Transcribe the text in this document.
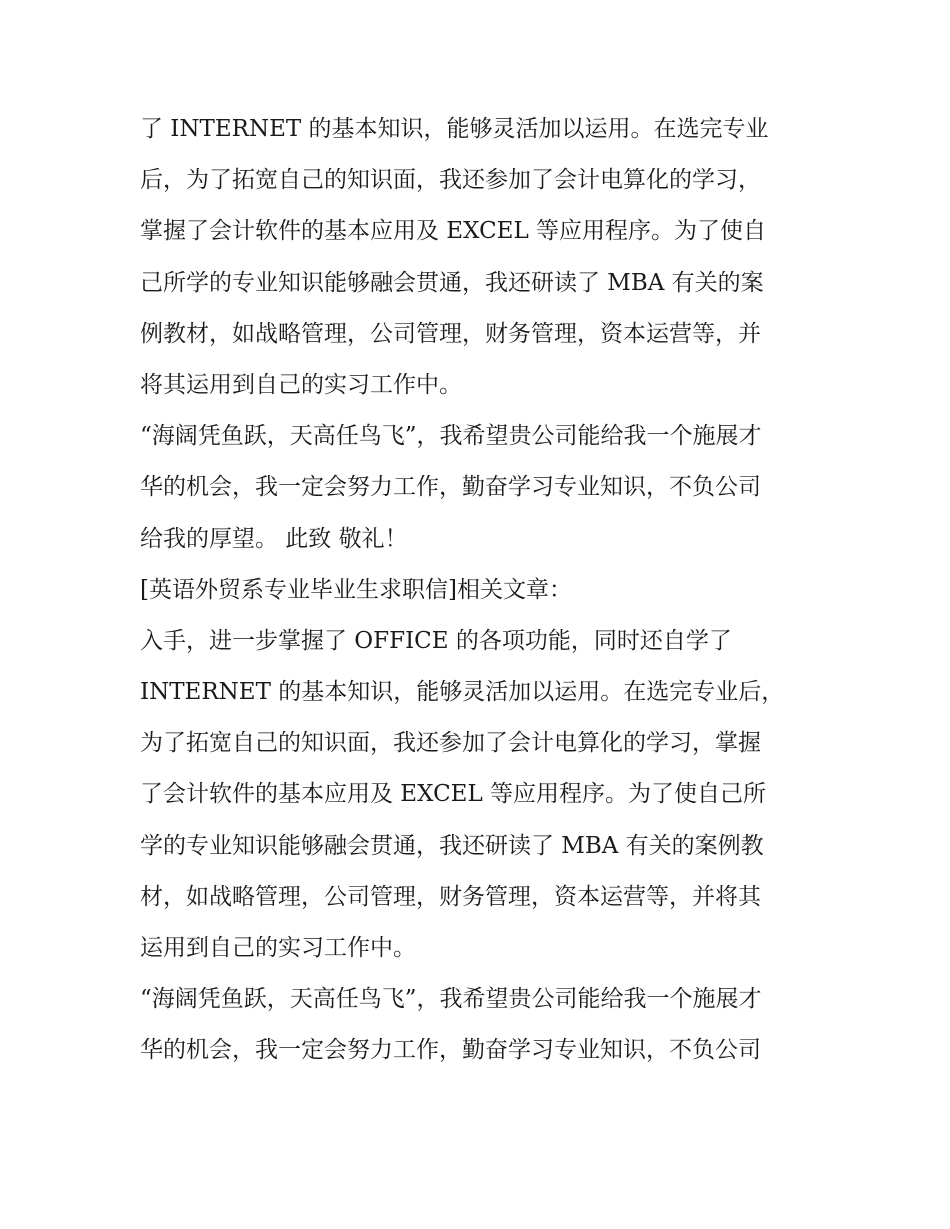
了 INTERNET 的基本知识，能够灵活加以运用。在选完专业
后，为了拓宽自己的知识面，我还参加了会计电算化的学习，
掌握了会计软件的基本应用及 EXCEL 等应用程序。为了使自
己所学的专业知识能够融会贯通，我还研读了 MBA 有关的案
例教材，如战略管理，公司管理，财务管理，资本运营等，并
将其运用到自己的实习工作中。
“海阔凭鱼跃，天高任鸟飞”，我希望贵公司能给我一个施展才
华的机会，我一定会努力工作，勤奋学习专业知识，不负公司
给我的厚望。 此致 敬礼！
[英语外贸系专业毕业生求职信]相关文章：
入手，进一步掌握了 OFFICE 的各项功能，同时还自学了
INTERNET 的基本知识，能够灵活加以运用。在选完专业后，
为了拓宽自己的知识面，我还参加了会计电算化的学习，掌握
了会计软件的基本应用及 EXCEL 等应用程序。为了使自己所
学的专业知识能够融会贯通，我还研读了 MBA 有关的案例教
材，如战略管理，公司管理，财务管理，资本运营等，并将其
运用到自己的实习工作中。
“海阔凭鱼跃，天高任鸟飞”，我希望贵公司能给我一个施展才
华的机会，我一定会努力工作，勤奋学习专业知识，不负公司
